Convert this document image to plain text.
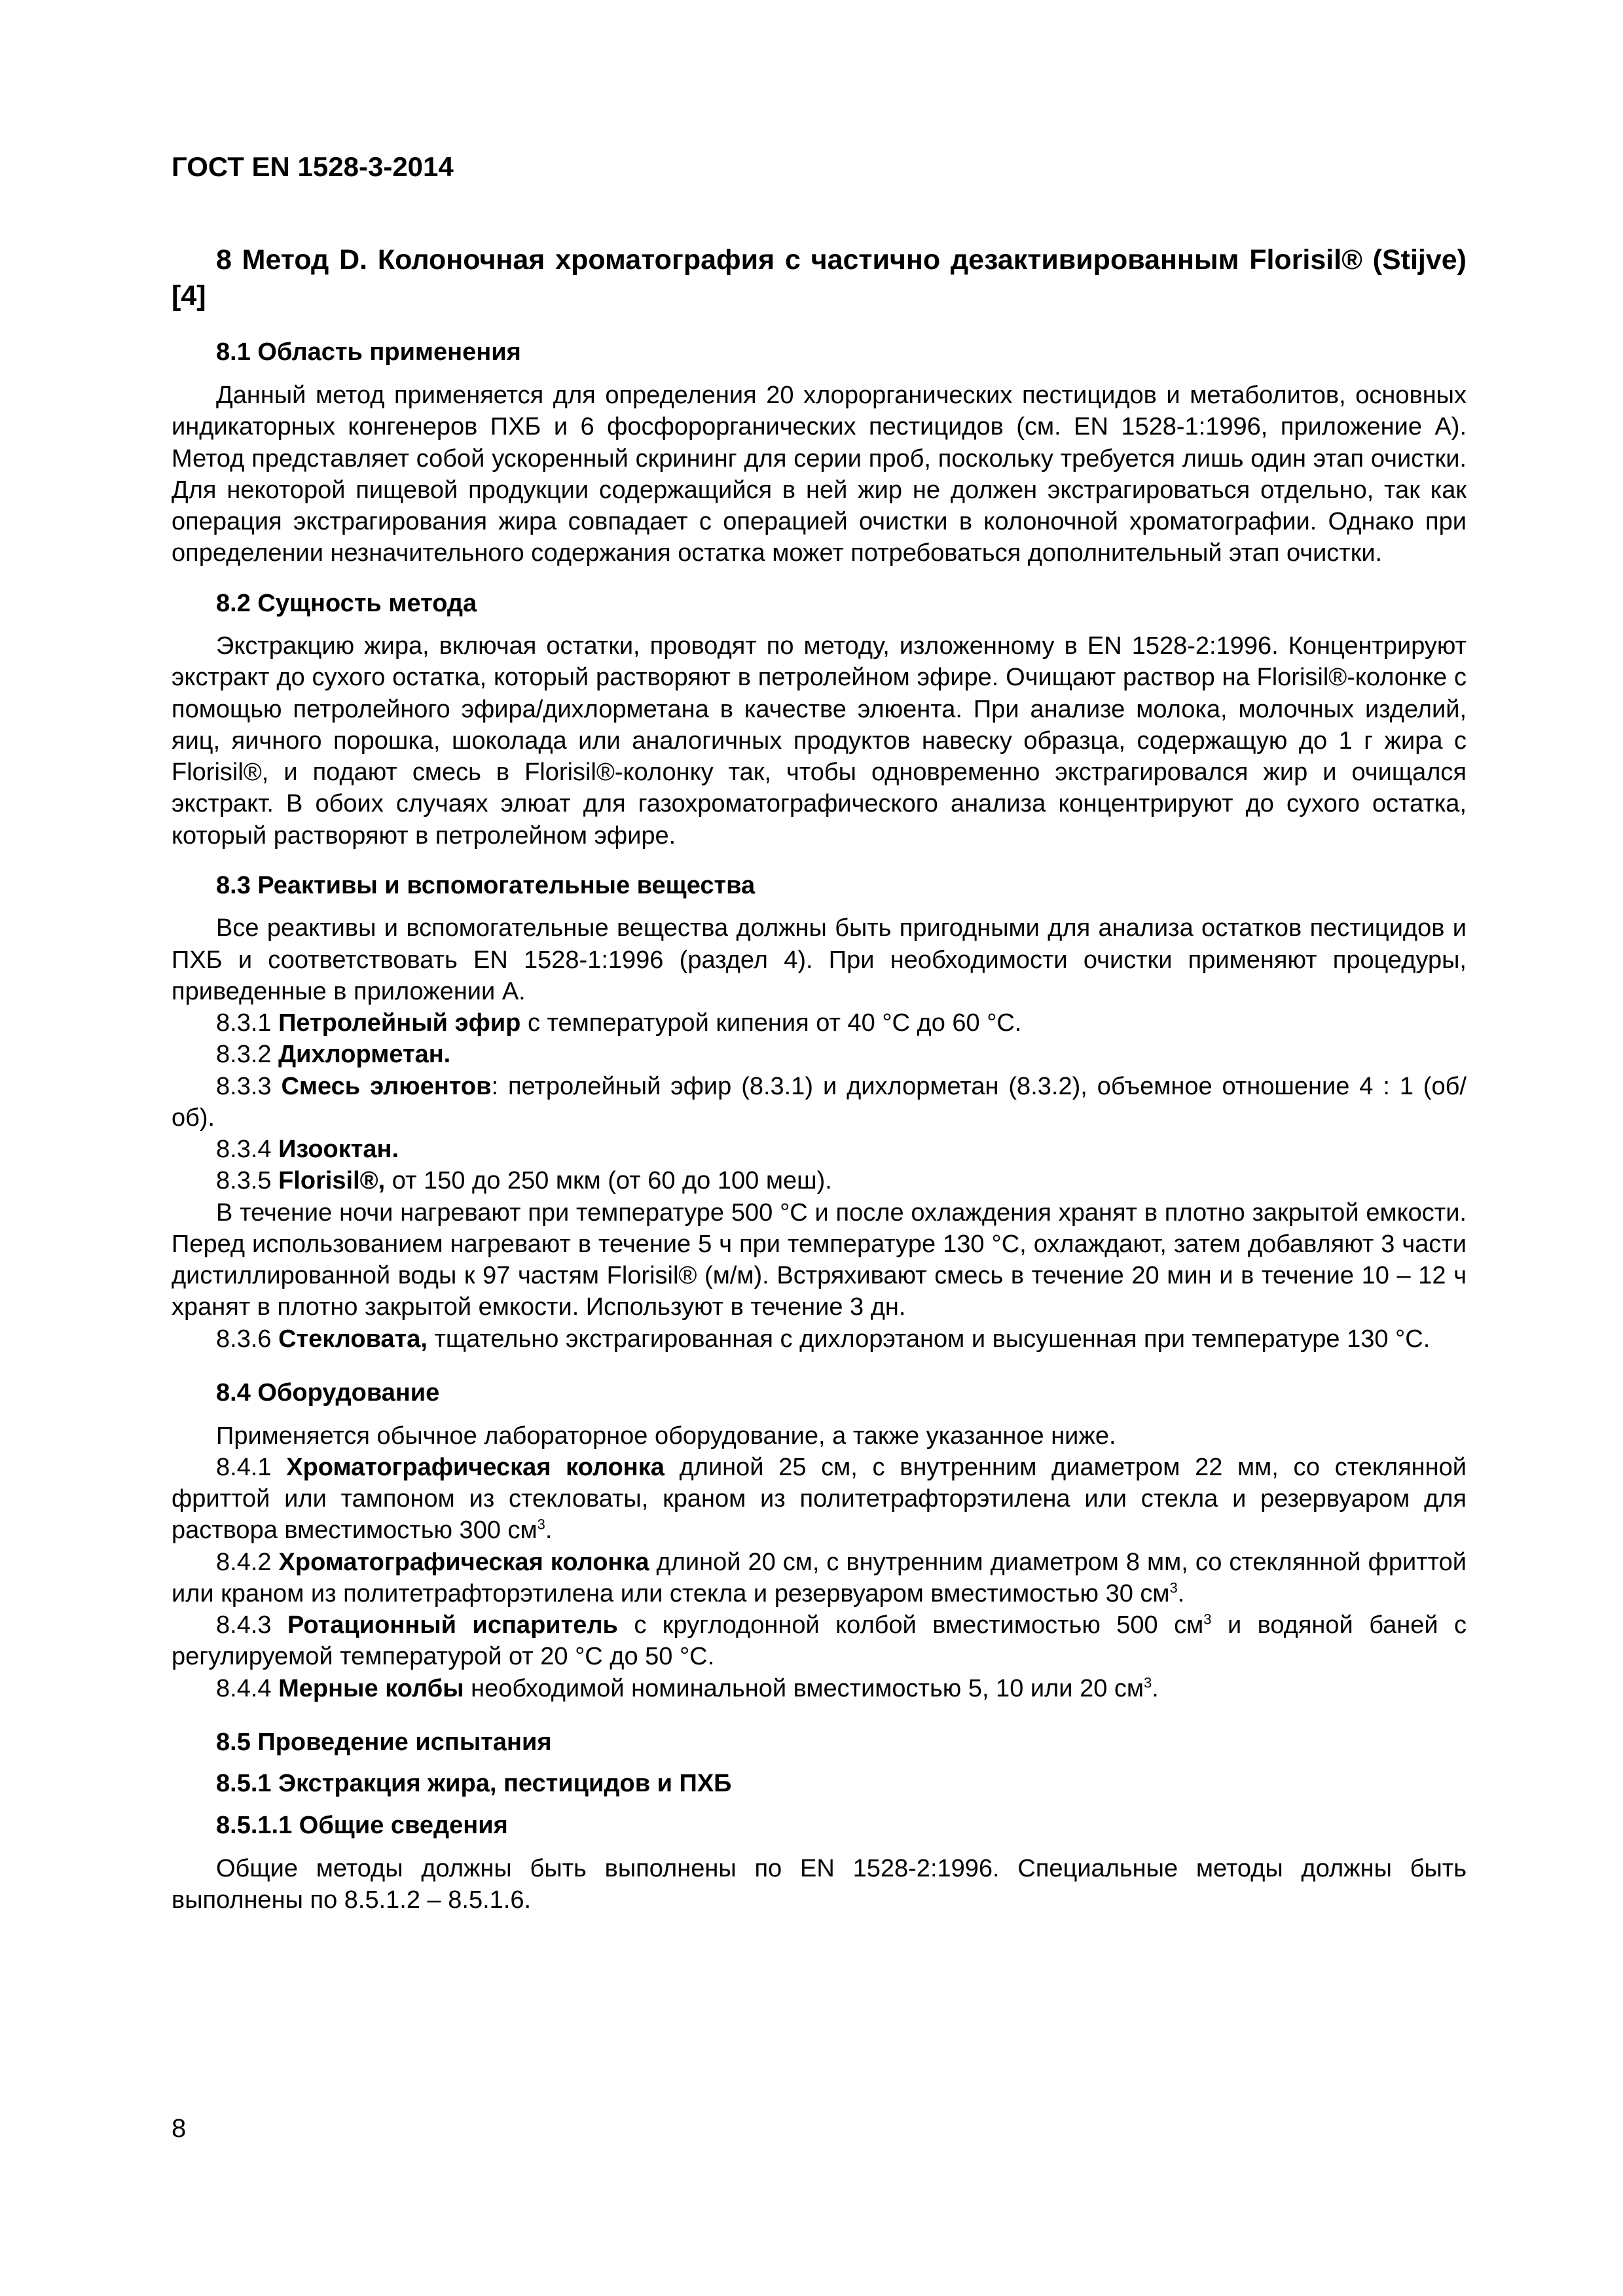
ГОСТ EN 1528-3-2014
8 Метод D. Колоночная хроматография с частично дезактивированным Florisil® (Stijve) [4]
8.1 Область применения

Данный метод применяется для определения 20 хлорорганических пестицидов и метаболитов, основных индикаторных конгенеров ПХБ и 6 фосфорорганических пестицидов (см. EN 1528-1:1996, приложение A). Метод представляет собой ускоренный скрининг для серии проб, поскольку требуется лишь один этап очистки. Для некоторой пищевой продукции содержащийся в ней жир не должен экстрагироваться отдельно, так как операция экстрагирования жира совпадает с операцией очистки в колоночной хроматографии. Однако при определении незначительного содержания остатка может потребоваться дополнительный этап очистки.

8.2 Сущность метода

Экстракцию жира, включая остатки, проводят по методу, изложенному в EN 1528-2:1996. Концентрируют экстракт до сухого остатка, который растворяют в петролейном эфире. Очищают раствор на Florisil®-колонке с помощью петролейного эфира/дихлорметана в качестве элюента. При анализе молока, молочных изделий, яиц, яичного порошка, шоколада или аналогичных продуктов навеску образца, содержащую до 1 г жира с Florisil®, и подают смесь в Florisil®-колонку так, чтобы одновременно экстрагировался жир и очищался экстракт. В обоих случаях элюат для газохроматографического анализа концентрируют до сухого остатка, который растворяют в петролейном эфире.

8.3 Реактивы и вспомогательные вещества

Все реактивы и вспомогательные вещества должны быть пригодными для анализа остатков пестицидов и ПХБ и соответствовать EN 1528-1:1996 (раздел 4). При необходимости очистки применяют процедуры, приведенные в приложении A.

8.3.1 Петролейный эфир с температурой кипения от 40 °С до 60 °С.

8.3.2 Дихлорметан.

8.3.3 Смесь элюентов: петролейный эфир (8.3.1) и дихлорметан (8.3.2), объемное отношение 4 : 1 (об/об).

8.3.4 Изооктан.

8.3.5 Florisil®, от 150 до 250 мкм (от 60 до 100 меш).

В течение ночи нагревают при температуре 500 °С и после охлаждения хранят в плотно закрытой емкости. Перед использованием нагревают в течение 5 ч при температуре 130 °С, охлаждают, затем добавляют 3 части дистиллированной воды к 97 частям Florisil® (м/м). Встряхивают смесь в течение 20 мин и в течение 10 – 12 ч хранят в плотно закрытой емкости. Используют в течение 3 дн.

8.3.6 Стекловата, тщательно экстрагированная с дихлорэтаном и высушенная при температуре 130 °С.

8.4 Оборудование

Применяется обычное лабораторное оборудование, а также указанное ниже.

8.4.1 Хроматографическая колонка длиной 25 см, с внутренним диаметром 22 мм, со стеклянной фриттой или тампоном из стекловаты, краном из политетрафторэтилена или стекла и резервуаром для раствора вместимостью 300 $см^3$.

8.4.2 Хроматографическая колонка длиной 20 см, с внутренним диаметром 8 мм, со стеклянной фриттой или краном из политетрафторэтилена или стекла и резервуаром вместимостью 30 $см^3$.

8.4.3 Ротационный испаритель с круглодонной колбой вместимостью 500 $см^3$ и водяной баней с регулируемой температурой от 20 °С до 50 °С.

8.4.4 Мерные колбы необходимой номинальной вместимостью 5, 10 или 20 $см^3$.

8.5 Проведение испытания
8.5.1 Экстракция жира, пестицидов и ПХБ
8.5.1.1 Общие сведения

Общие методы должны быть выполнены по EN 1528-2:1996. Специальные методы должны быть выполнены по 8.5.1.2 – 8.5.1.6.

8
